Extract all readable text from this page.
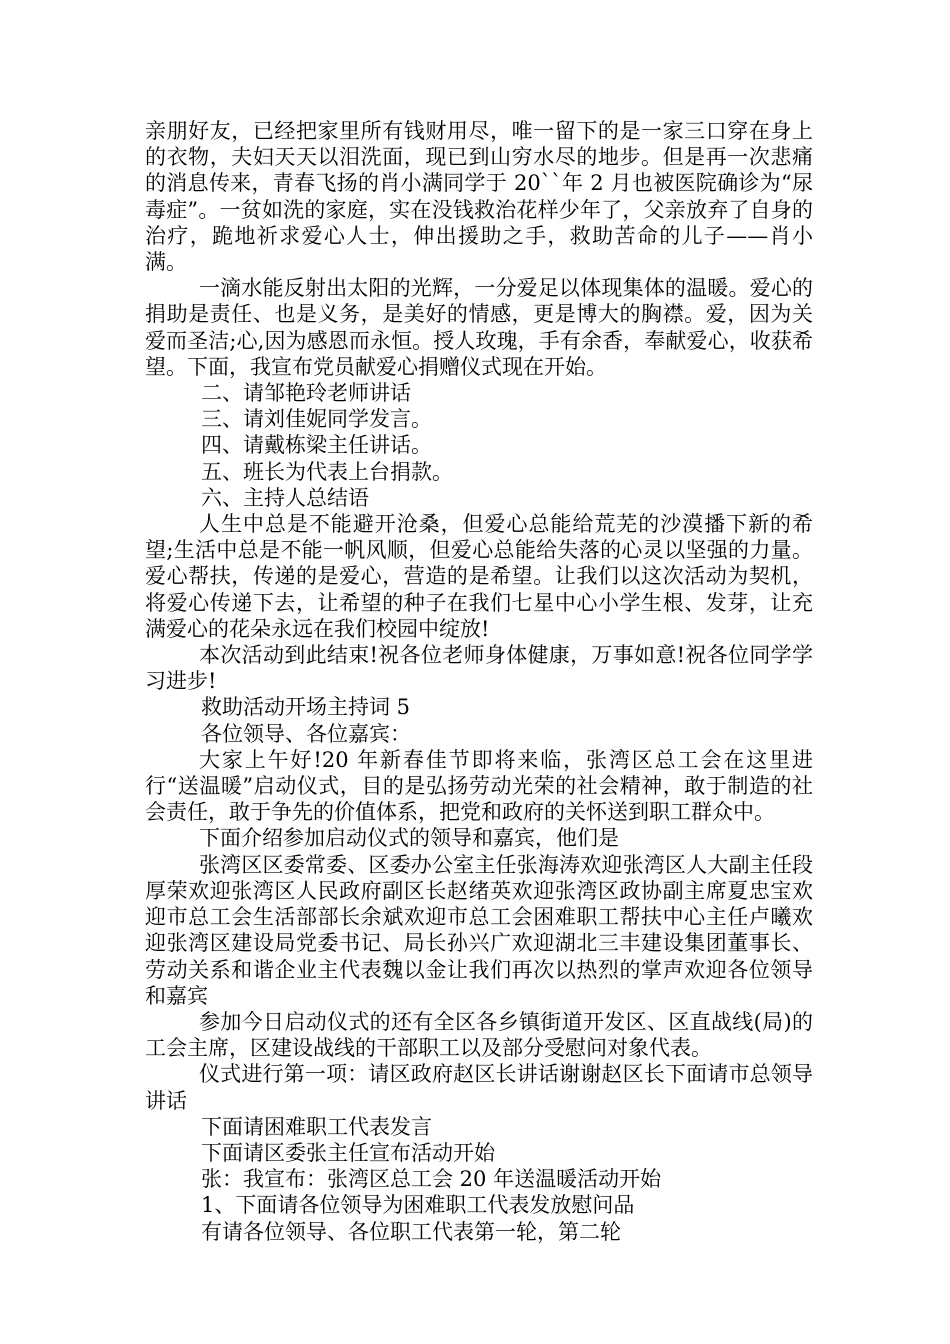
亲朋好友，已经把家里所有钱财用尽，唯一留下的是一家三口穿在身上的衣物，夫妇天天以泪洗面，现已到山穷水尽的地步。但是再一次悲痛的消息传来，青春飞扬的肖小满同学于 20``年 2 月也被医院确诊为“尿毒症”。一贫如洗的家庭，实在没钱救治花样少年了，父亲放弃了自身的治疗，跪地祈求爱心人士，伸出援助之手，救助苦命的儿子——肖小满。

一滴水能反射出太阳的光辉，一分爱足以体现集体的温暖。爱心的捐助是责任、也是义务，是美好的情感，更是博大的胸襟。爱，因为关爱而圣洁;心,因为感恩而永恒。授人玫瑰，手有余香，奉献爱心，收获希望。下面，我宣布党员献爱心捐赠仪式现在开始。

二、请邹艳玲老师讲话

三、请刘佳妮同学发言。

四、请戴栋梁主任讲话。

五、班长为代表上台捐款。

六、主持人总结语

人生中总是不能避开沧桑，但爱心总能给荒芜的沙漠播下新的希望;生活中总是不能一帆风顺，但爱心总能给失落的心灵以坚强的力量。爱心帮扶，传递的是爱心，营造的是希望。让我们以这次活动为契机，将爱心传递下去，让希望的种子在我们七星中心小学生根、发芽，让充满爱心的花朵永远在我们校园中绽放!

本次活动到此结束!祝各位老师身体健康，万事如意!祝各位同学学习进步!

救助活动开场主持词 5

各位领导、各位嘉宾：

大家上午好!20 年新春佳节即将来临，张湾区总工会在这里进行“送温暖”启动仪式，目的是弘扬劳动光荣的社会精神，敢于制造的社会责任，敢于争先的价值体系，把党和政府的关怀送到职工群众中。

下面介绍参加启动仪式的领导和嘉宾，他们是

张湾区区委常委、区委办公室主任张海涛欢迎张湾区人大副主任段厚荣欢迎张湾区人民政府副区长赵绪英欢迎张湾区政协副主席夏忠宝欢迎市总工会生活部部长余斌欢迎市总工会困难职工帮扶中心主任卢曦欢迎张湾区建设局党委书记、局长孙兴广欢迎湖北三丰建设集团董事长、劳动关系和谐企业主代表魏以金让我们再次以热烈的掌声欢迎各位领导和嘉宾

参加今日启动仪式的还有全区各乡镇街道开发区、区直战线(局)的工会主席，区建设战线的干部职工以及部分受慰问对象代表。

仪式进行第一项：请区政府赵区长讲话谢谢赵区长下面请市总领导讲话

下面请困难职工代表发言

下面请区委张主任宣布活动开始

张：我宣布：张湾区总工会 20 年送温暖活动开始

1、下面请各位领导为困难职工代表发放慰问品

有请各位领导、各位职工代表第一轮，第二轮
